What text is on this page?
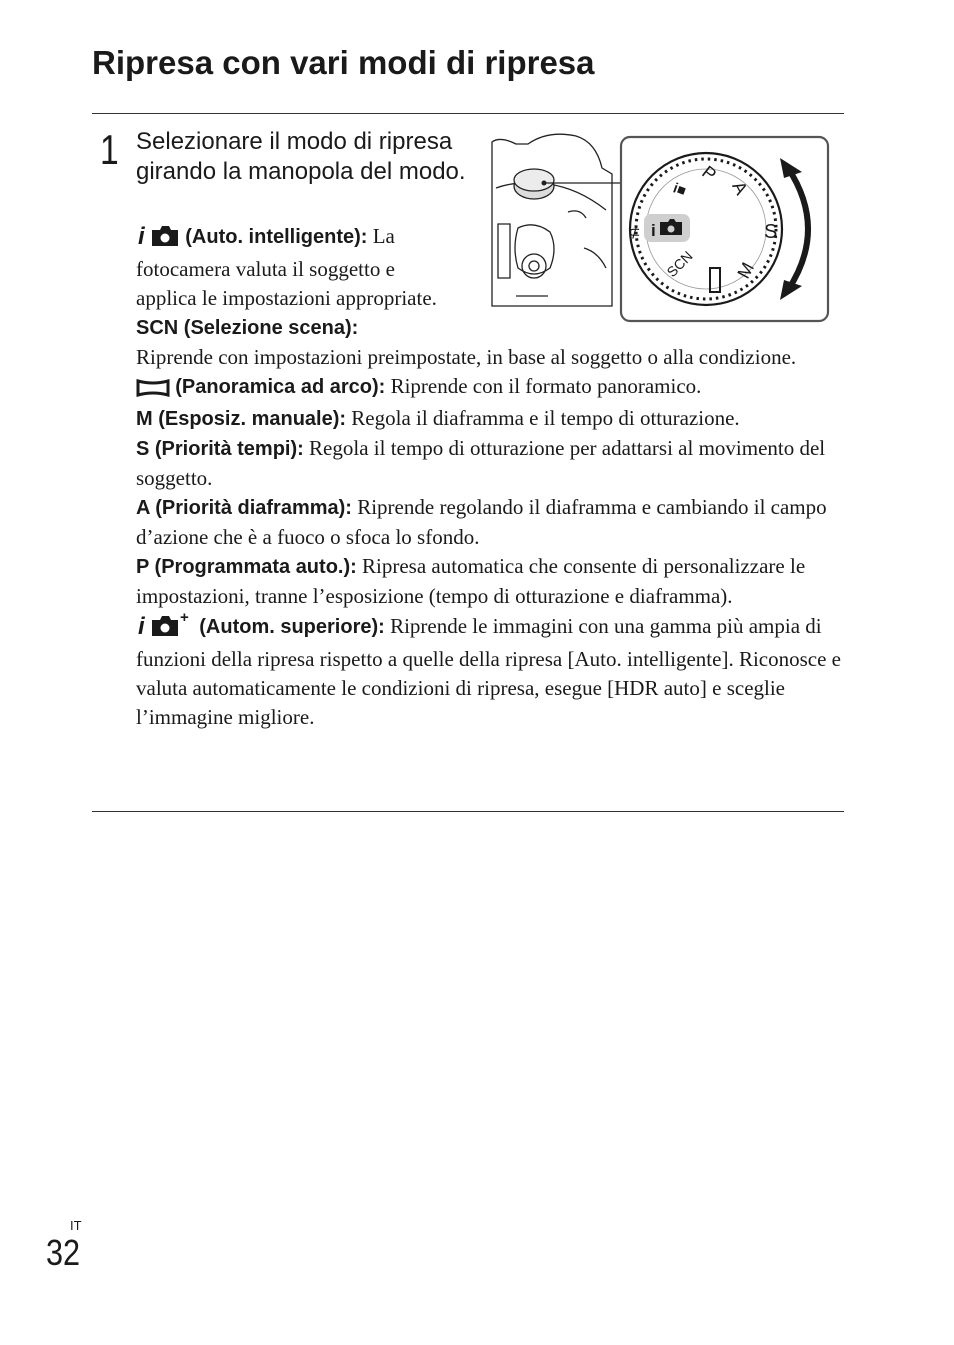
Ripresa con vari modi di ripresa
1 Selezionare il modo di ripresa girando la manopola del modo.
i
⊄
P
A
S
M
SCN
i■

i (Auto. intelligente): La fotocamera valuta il soggetto e applica le impostazioni appropriate.

SCN (Selezione scena):
Riprende con impostazioni preimpostate, in base al soggetto o alla condizione.

(Panoramica ad arco): Riprende con il formato panoramico.

M (Esposiz. manuale): Regola il diaframma e il tempo di otturazione.

S (Priorità tempi): Regola il tempo di otturazione per adattarsi al movimento del soggetto.

A (Priorità diaframma): Riprende regolando il diaframma e cambiando il campo d’azione che è a fuoco o sfoca lo sfondo.

P (Programmata auto.): Ripresa automatica che consente di personalizzare le impostazioni, tranne l’esposizione (tempo di otturazione e diaframma).

i + (Autom. superiore): Riprende le immagini con una gamma più ampia di funzioni della ripresa rispetto a quelle della ripresa [Auto. intelligente]. Riconosce e valuta automaticamente le condizioni di ripresa, esegue [HDR auto] e sceglie l’immagine migliore.

IT
32
